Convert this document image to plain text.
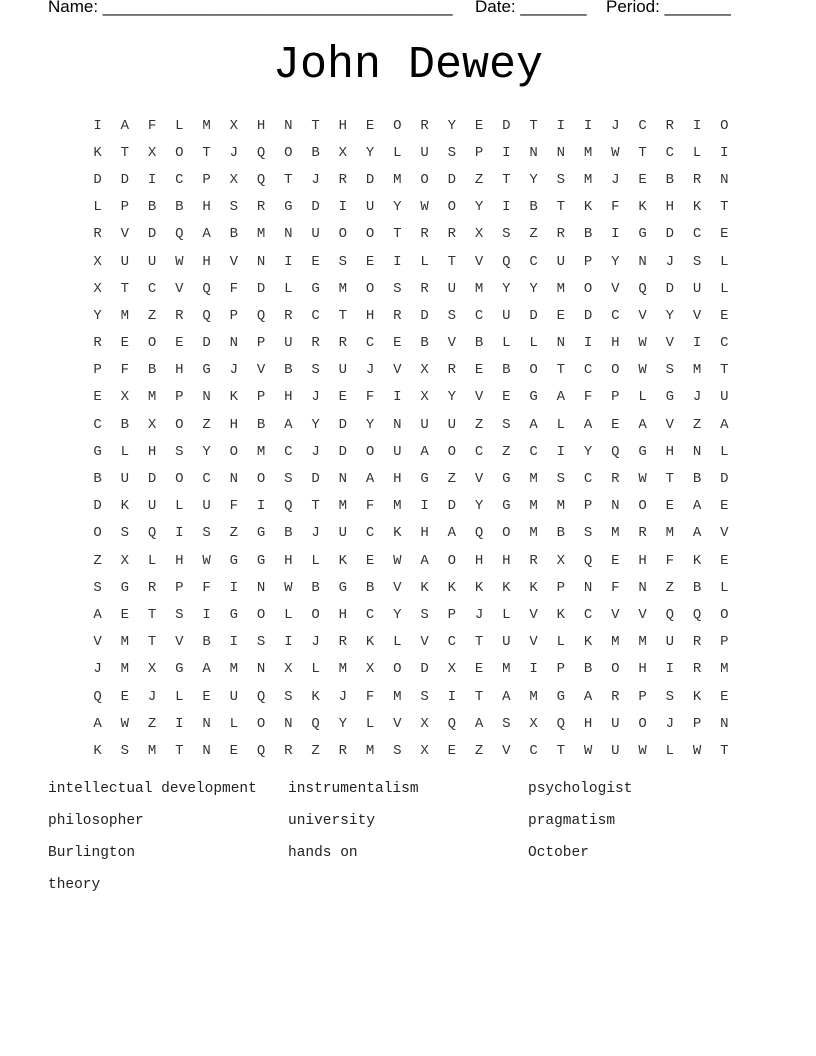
Name: _____________________________________

Date: _______

Period: _______

John Dewey
I	A	F	L	M	X	H	N	T	H	E	O	R	Y	E	D	T	I	I	J	C	R	I	O
K	T	X	O	T	J	Q	O	B	X	Y	L	U	S	P	I	N	N	M	W	T	C	L	I
D	D	I	C	P	X	Q	T	J	R	D	M	O	D	Z	T	Y	S	M	J	E	B	R	N
L	P	B	B	H	S	R	G	D	I	U	Y	W	O	Y	I	B	T	K	F	K	H	K	T
R	V	D	Q	A	B	M	N	U	O	O	T	R	R	X	S	Z	R	B	I	G	D	C	E
X	U	U	W	H	V	N	I	E	S	E	I	L	T	V	Q	C	U	P	Y	N	J	S	L
X	T	C	V	Q	F	D	L	G	M	O	S	R	U	M	Y	Y	M	O	V	Q	D	U	L
Y	M	Z	R	Q	P	Q	R	C	T	H	R	D	S	C	U	D	E	D	C	V	Y	V	E
R	E	O	E	D	N	P	U	R	R	C	E	B	V	B	L	L	N	I	H	W	V	I	C
P	F	B	H	G	J	V	B	S	U	J	V	X	R	E	B	O	T	C	O	W	S	M	T
E	X	M	P	N	K	P	H	J	E	F	I	X	Y	V	E	G	A	F	P	L	G	J	U
C	B	X	O	Z	H	B	A	Y	D	Y	N	U	U	Z	S	A	L	A	E	A	V	Z	A
G	L	H	S	Y	O	M	C	J	D	O	U	A	O	C	Z	C	I	Y	Q	G	H	N	L
B	U	D	O	C	N	O	S	D	N	A	H	G	Z	V	G	M	S	C	R	W	T	B	D
D	K	U	L	U	F	I	Q	T	M	F	M	I	D	Y	G	M	M	P	N	O	E	A	E
O	S	Q	I	S	Z	G	B	J	U	C	K	H	A	Q	O	M	B	S	M	R	M	A	V
Z	X	L	H	W	G	G	H	L	K	E	W	A	O	H	H	R	X	Q	E	H	F	K	E
S	G	R	P	F	I	N	W	B	G	B	V	K	K	K	K	K	P	N	F	N	Z	B	L
A	E	T	S	I	G	O	L	O	H	C	Y	S	P	J	L	V	K	C	V	V	Q	Q	O
V	M	T	V	B	I	S	I	J	R	K	L	V	C	T	U	V	L	K	M	M	U	R	P
J	M	X	G	A	M	N	X	L	M	X	O	D	X	E	M	I	P	B	O	H	I	R	M
Q	E	J	L	E	U	Q	S	K	J	F	M	S	I	T	A	M	G	A	R	P	S	K	E
A	W	Z	I	N	L	O	N	Q	Y	L	V	X	Q	A	S	X	Q	H	U	O	J	P	N
K	S	M	T	N	E	Q	R	Z	R	M	S	X	E	Z	V	C	T	W	U	W	L	W	T
intellectual development	instrumentalism	psychologist
philosopher	university	pragmatism
Burlington	hands on	October
theory
